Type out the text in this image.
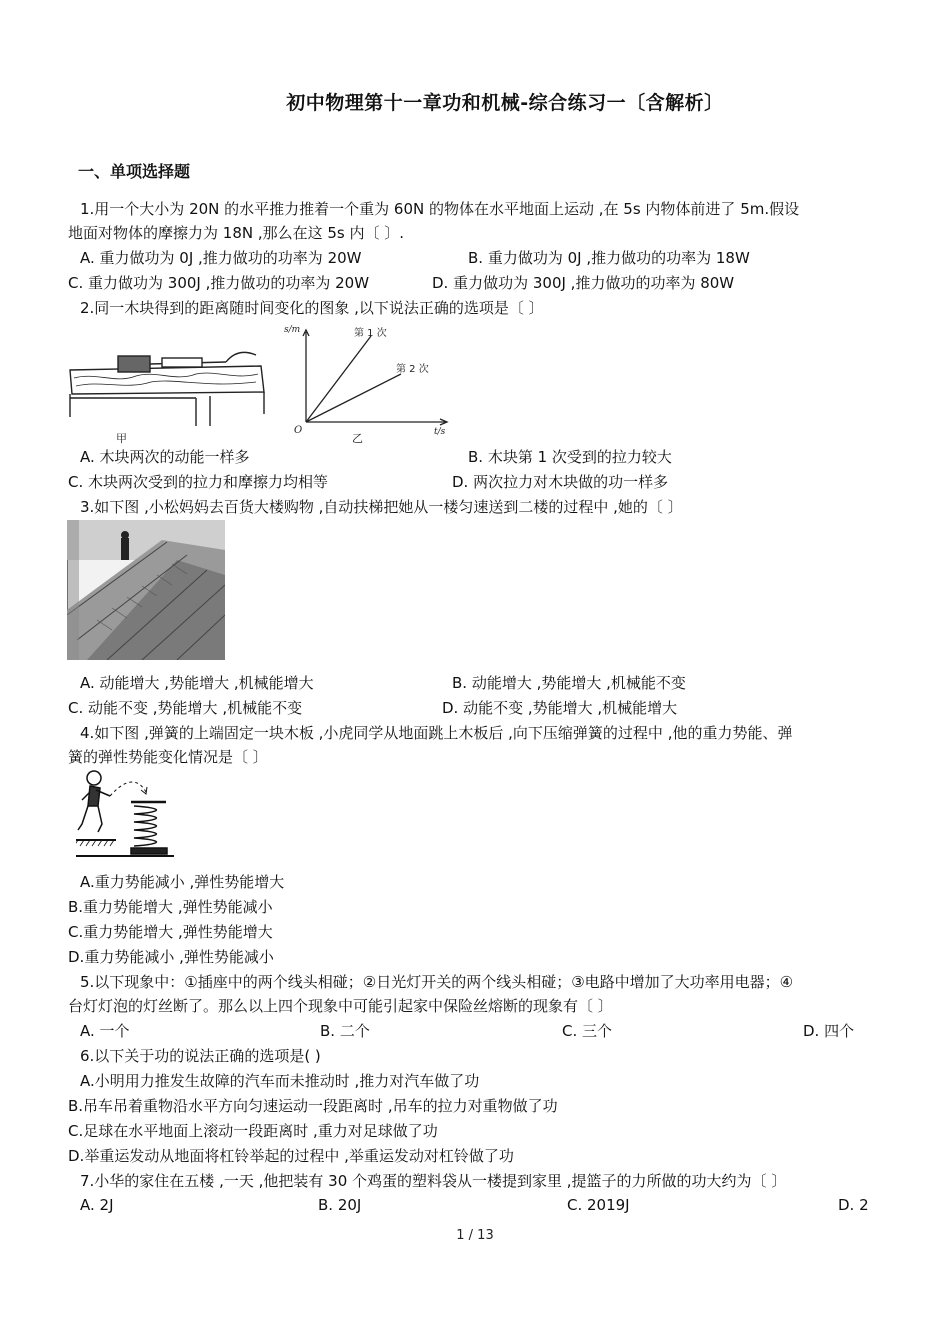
初中物理第十一章功和机械-综合练习一〔含解析〕
一、单项选择题
1.用一个大小为 20N 的水平推力推着一个重为 60N 的物体在水平地面上运动 ,在 5s 内物体前进了 5m.假设
地面对物体的摩擦力为 18N ,那么在这 5s 内〔 〕.
A. 重力做功为 0J ,推力做功的功率为 20W	B. 重力做功为 0J ,推力做功的功率为 18W
C. 重力做功为 300J ,推力做功的功率为 20W	D. 重力做功为 300J ,推力做功的功率为 80W
2.同一木块得到的距离随时间变化的图象 ,以下说法正确的选项是〔 〕
甲
s/m
t/s
O
第 1 次
第 2 次
乙
A. 木块两次的动能一样多	B. 木块第 1 次受到的拉力较大
C. 木块两次受到的拉力和摩擦力均相等	D. 两次拉力对木块做的功一样多
3.如下图 ,小松妈妈去百货大楼购物 ,自动扶梯把她从一楼匀速送到二楼的过程中 ,她的〔 〕
A. 动能增大 ,势能增大 ,机械能增大	B. 动能增大 ,势能增大 ,机械能不变
C. 动能不变 ,势能增大 ,机械能不变	D. 动能不变 ,势能增大 ,机械能增大
4.如下图 ,弹簧的上端固定一块木板 ,小虎同学从地面跳上木板后 ,向下压缩弹簧的过程中 ,他的重力势能、弹
簧的弹性势能变化情况是〔 〕
A.重力势能减小 ,弹性势能增大
B.重力势能增大 ,弹性势能减小
C.重力势能增大 ,弹性势能增大
D.重力势能减小 ,弹性势能减小
5.以下现象中：①插座中的两个线头相碰；②日光灯开关的两个线头相碰；③电路中增加了大功率用电器；④
台灯灯泡的灯丝断了。那么以上四个现象中可能引起家中保险丝熔断的现象有〔 〕
A. 一个	B. 二个	C. 三个	D. 四个
6.以下关于功的说法正确的选项是( )
A.小明用力推发生故障的汽车而未推动时 ,推力对汽车做了功
B.吊车吊着重物沿水平方向匀速运动一段距离时 ,吊车的拉力对重物做了功
C.足球在水平地面上滚动一段距离时 ,重力对足球做了功
D.举重运发动从地面将杠铃举起的过程中 ,举重运发动对杠铃做了功
7.小华的家住在五楼 ,一天 ,他把装有 30 个鸡蛋的塑料袋从一楼提到家里 ,提篮子的力所做的功大约为〔 〕
A. 2J	B. 20J	C. 2019J	D. 2
1 / 13
